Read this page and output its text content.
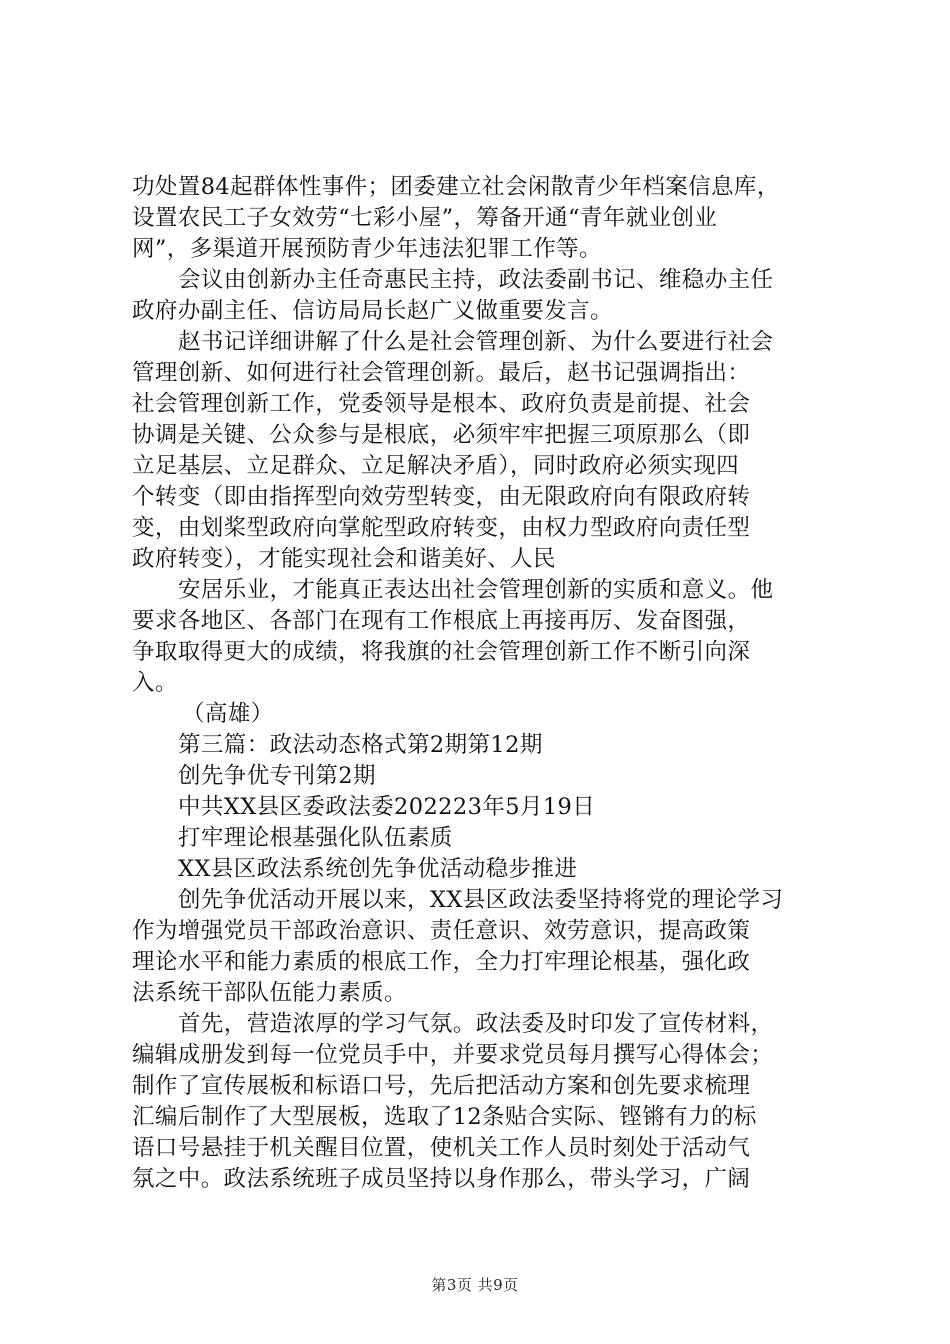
功处置84起群体性事件；团委建立社会闲散青少年档案信息库，
设置农民工子女效劳“七彩小屋”，筹备开通“青年就业创业
网”，多渠道开展预防青少年违法犯罪工作等。
会议由创新办主任奇惠民主持，政法委副书记、维稳办主任
政府办副主任、信访局局长赵广义做重要发言。
赵书记详细讲解了什么是社会管理创新、为什么要进行社会
管理创新、如何进行社会管理创新。最后，赵书记强调指出：
社会管理创新工作，党委领导是根本、政府负责是前提、社会
协调是关键、公众参与是根底，必须牢牢把握三项原那么（即
立足基层、立足群众、立足解决矛盾），同时政府必须实现四
个转变（即由指挥型向效劳型转变，由无限政府向有限政府转
变，由划桨型政府向掌舵型政府转变，由权力型政府向责任型
政府转变），才能实现社会和谐美好、人民
安居乐业，才能真正表达出社会管理创新的实质和意义。他
要求各地区、各部门在现有工作根底上再接再厉、发奋图强，
争取取得更大的成绩，将我旗的社会管理创新工作不断引向深
入。
（高雄）
第三篇：政法动态格式第2期第12期
创先争优专刊第2期
中共XX县区委政法委202223年5月19日
打牢理论根基强化队伍素质
XX县区政法系统创先争优活动稳步推进
创先争优活动开展以来，XX县区政法委坚持将党的理论学习
作为增强党员干部政治意识、责任意识、效劳意识，提高政策
理论水平和能力素质的根底工作，全力打牢理论根基，强化政
法系统干部队伍能力素质。
首先，营造浓厚的学习气氛。政法委及时印发了宣传材料，
编辑成册发到每一位党员手中，并要求党员每月撰写心得体会；
制作了宣传展板和标语口号，先后把活动方案和创先要求梳理
汇编后制作了大型展板，选取了12条贴合实际、铿锵有力的标
语口号悬挂于机关醒目位置，使机关工作人员时刻处于活动气
氛之中。政法系统班子成员坚持以身作那么，带头学习，广阔
第3页 共9页
